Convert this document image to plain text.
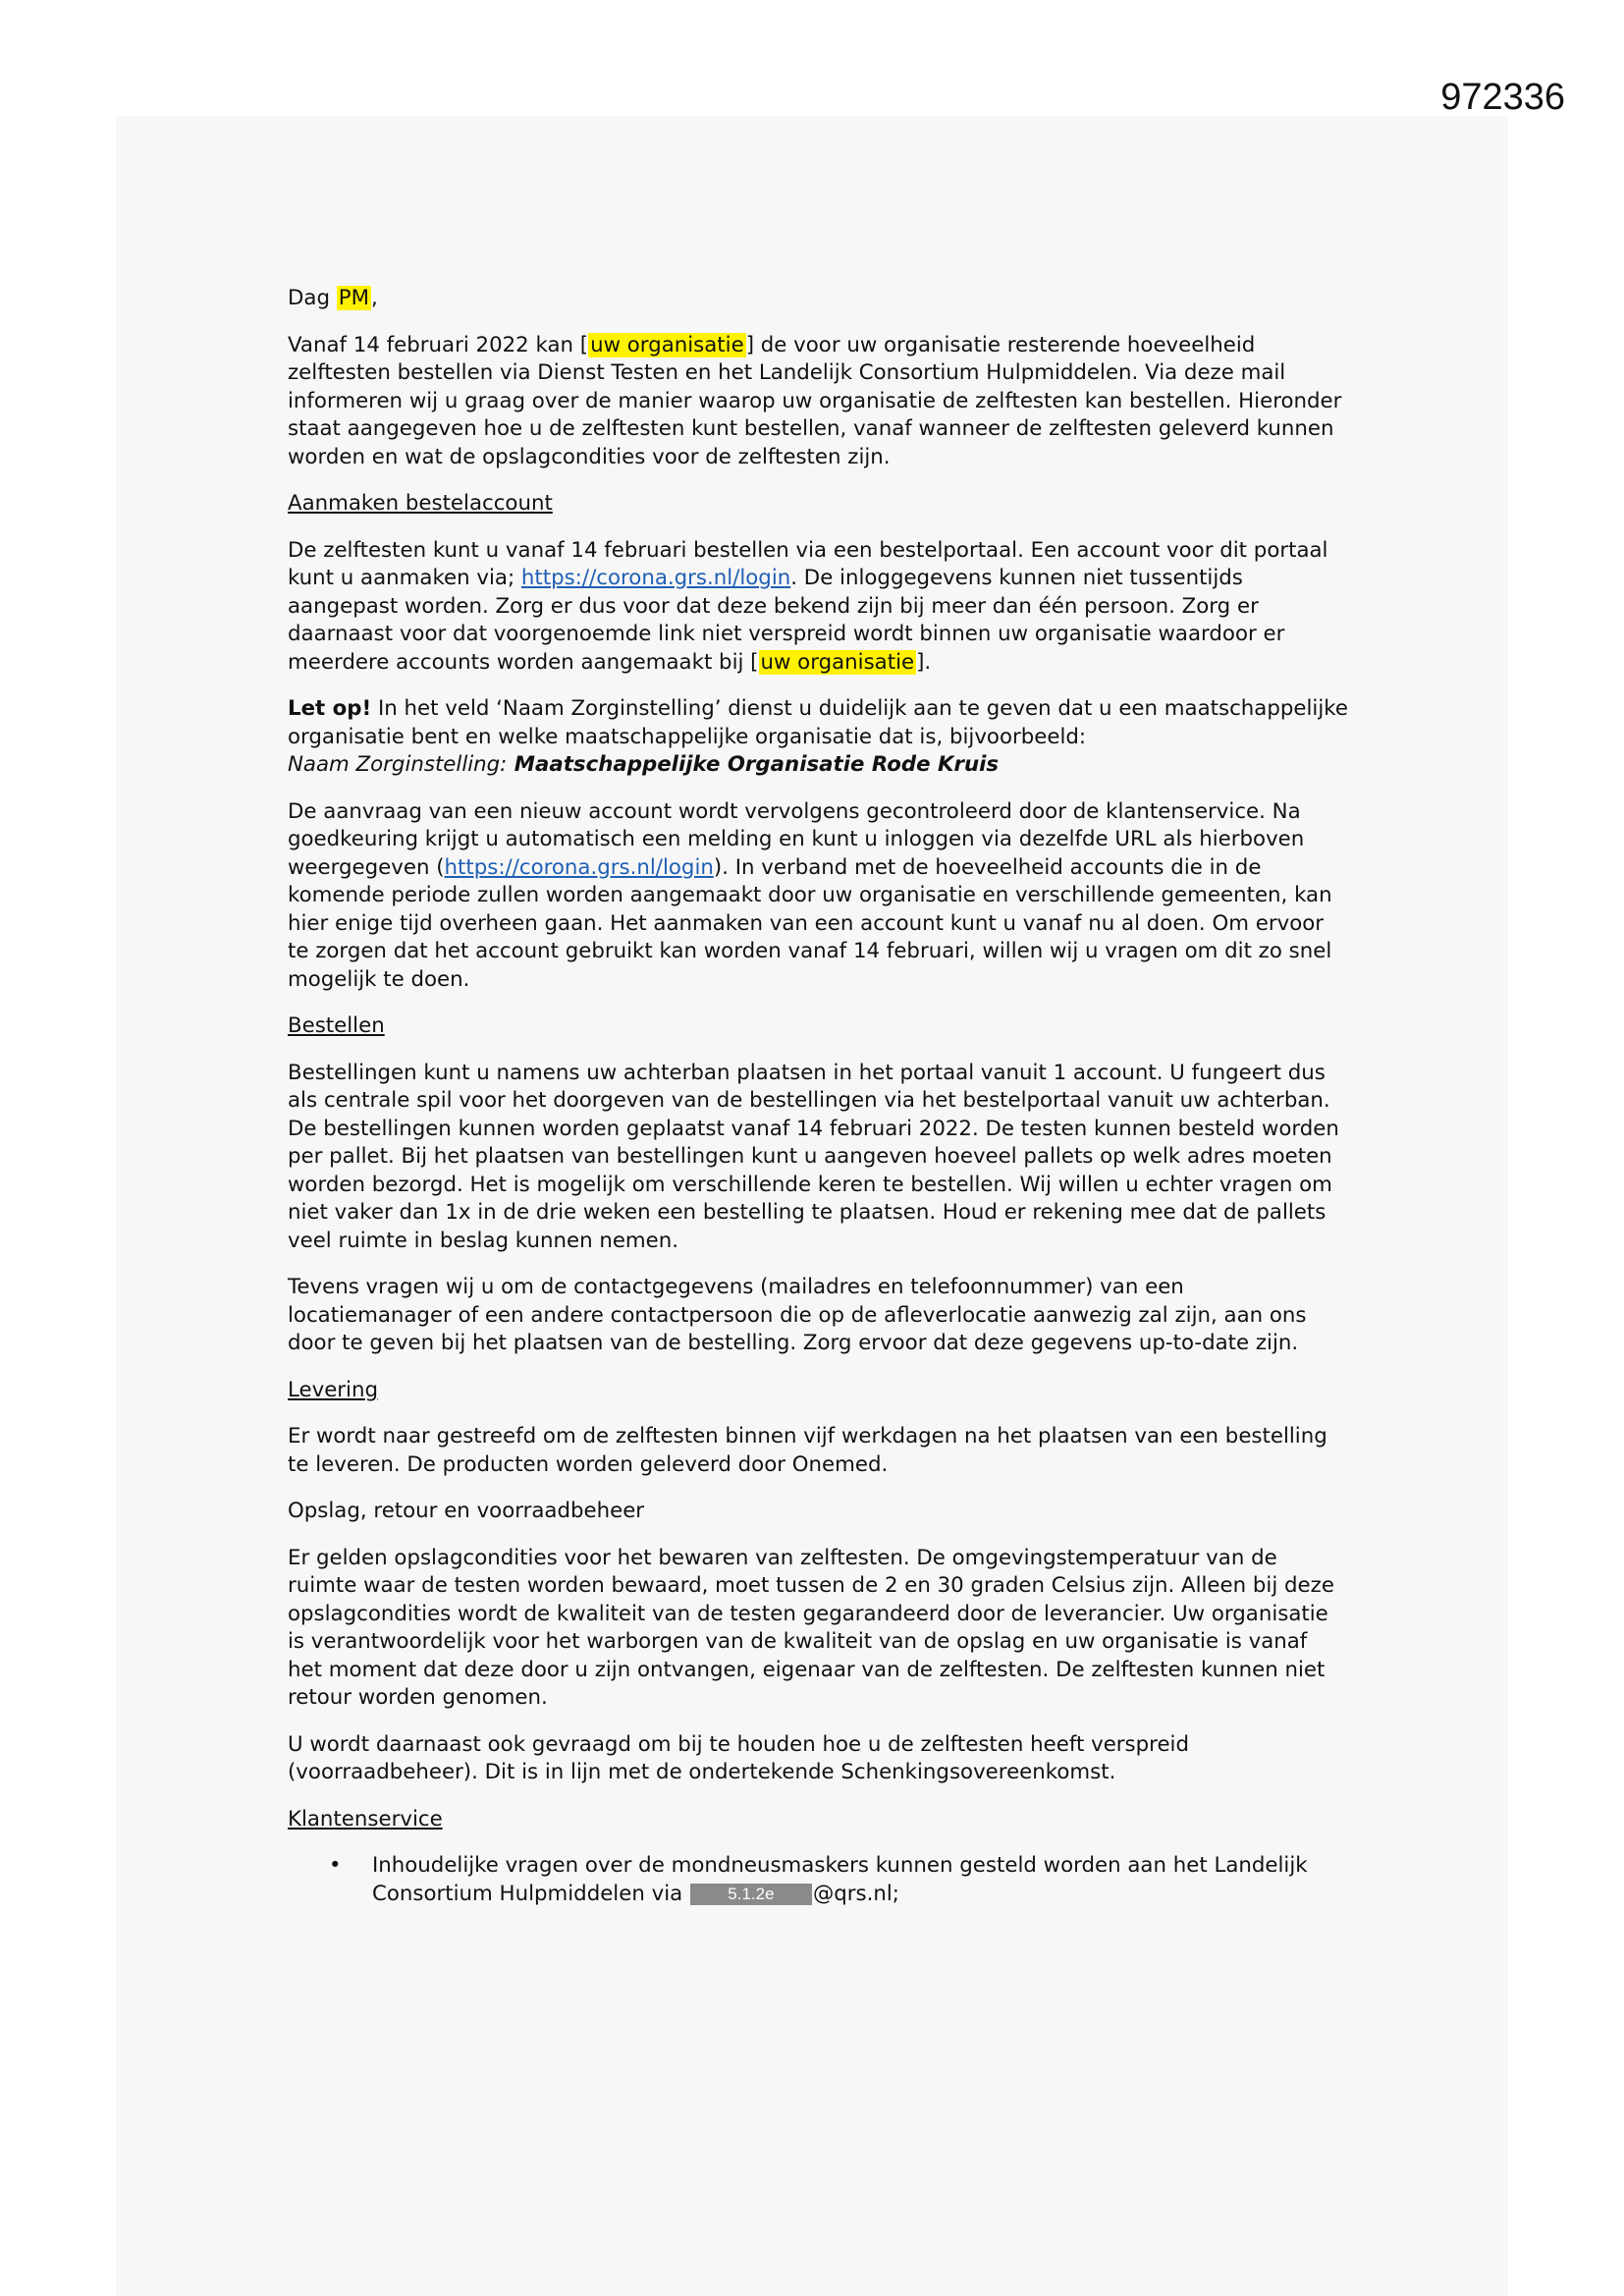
972336

Dag PM,

Vanaf 14 februari 2022 kan [uw organisatie] de voor uw organisatie resterende hoeveelheid zelftesten bestellen via Dienst Testen en het Landelijk Consortium Hulpmiddelen. Via deze mail informeren wij u graag over de manier waarop uw organisatie de zelftesten kan bestellen. Hieronder staat aangegeven hoe u de zelftesten kunt bestellen, vanaf wanneer de zelftesten geleverd kunnen worden en wat de opslagcondities voor de zelftesten zijn.

Aanmaken bestelaccount

De zelftesten kunt u vanaf 14 februari bestellen via een bestelportaal. Een account voor dit portaal kunt u aanmaken via; https://corona.grs.nl/login. De inloggegevens kunnen niet tussentijds aangepast worden. Zorg er dus voor dat deze bekend zijn bij meer dan één persoon. Zorg er daarnaast voor dat voorgenoemde link niet verspreid wordt binnen uw organisatie waardoor er meerdere accounts worden aangemaakt bij [uw organisatie].

Let op! In het veld ‘Naam Zorginstelling’ dienst u duidelijk aan te geven dat u een maatschappelijke organisatie bent en welke maatschappelijke organisatie dat is, bijvoorbeeld:
Naam Zorginstelling: Maatschappelijke Organisatie Rode Kruis

De aanvraag van een nieuw account wordt vervolgens gecontroleerd door de klantenservice. Na goedkeuring krijgt u automatisch een melding en kunt u inloggen via dezelfde URL als hierboven weergegeven (https://corona.grs.nl/login). In verband met de hoeveelheid accounts die in de komende periode zullen worden aangemaakt door uw organisatie en verschillende gemeenten, kan hier enige tijd overheen gaan. Het aanmaken van een account kunt u vanaf nu al doen. Om ervoor te zorgen dat het account gebruikt kan worden vanaf 14 februari, willen wij u vragen om dit zo snel mogelijk te doen.

Bestellen

Bestellingen kunt u namens uw achterban plaatsen in het portaal vanuit 1 account. U fungeert dus als centrale spil voor het doorgeven van de bestellingen via het bestelportaal vanuit uw achterban. De bestellingen kunnen worden geplaatst vanaf 14 februari 2022. De testen kunnen besteld worden per pallet. Bij het plaatsen van bestellingen kunt u aangeven hoeveel pallets op welk adres moeten worden bezorgd. Het is mogelijk om verschillende keren te bestellen. Wij willen u echter vragen om niet vaker dan 1x in de drie weken een bestelling te plaatsen. Houd er rekening mee dat de pallets veel ruimte in beslag kunnen nemen.

Tevens vragen wij u om de contactgegevens (mailadres en telefoonnummer) van een locatiemanager of een andere contactpersoon die op de afleverlocatie aanwezig zal zijn, aan ons door te geven bij het plaatsen van de bestelling. Zorg ervoor dat deze gegevens up-to-date zijn.

Levering

Er wordt naar gestreefd om de zelftesten binnen vijf werkdagen na het plaatsen van een bestelling te leveren. De producten worden geleverd door Onemed.

Opslag, retour en voorraadbeheer

Er gelden opslagcondities voor het bewaren van zelftesten. De omgevingstemperatuur van de ruimte waar de testen worden bewaard, moet tussen de 2 en 30 graden Celsius zijn. Alleen bij deze opslagcondities wordt de kwaliteit van de testen gegarandeerd door de leverancier. Uw organisatie is verantwoordelijk voor het warborgen van de kwaliteit van de opslag en uw organisatie is vanaf het moment dat deze door u zijn ontvangen, eigenaar van de zelftesten. De zelftesten kunnen niet retour worden genomen.

U wordt daarnaast ook gevraagd om bij te houden hoe u de zelftesten heeft verspreid (voorraadbeheer). Dit is in lijn met de ondertekende Schenkingsovereenkomst.

Klantenservice
• Inhoudelijke vragen over de mondneusmaskers kunnen gesteld worden aan het Landelijk Consortium Hulpmiddelen via 5.1.2e @qrs.nl;
